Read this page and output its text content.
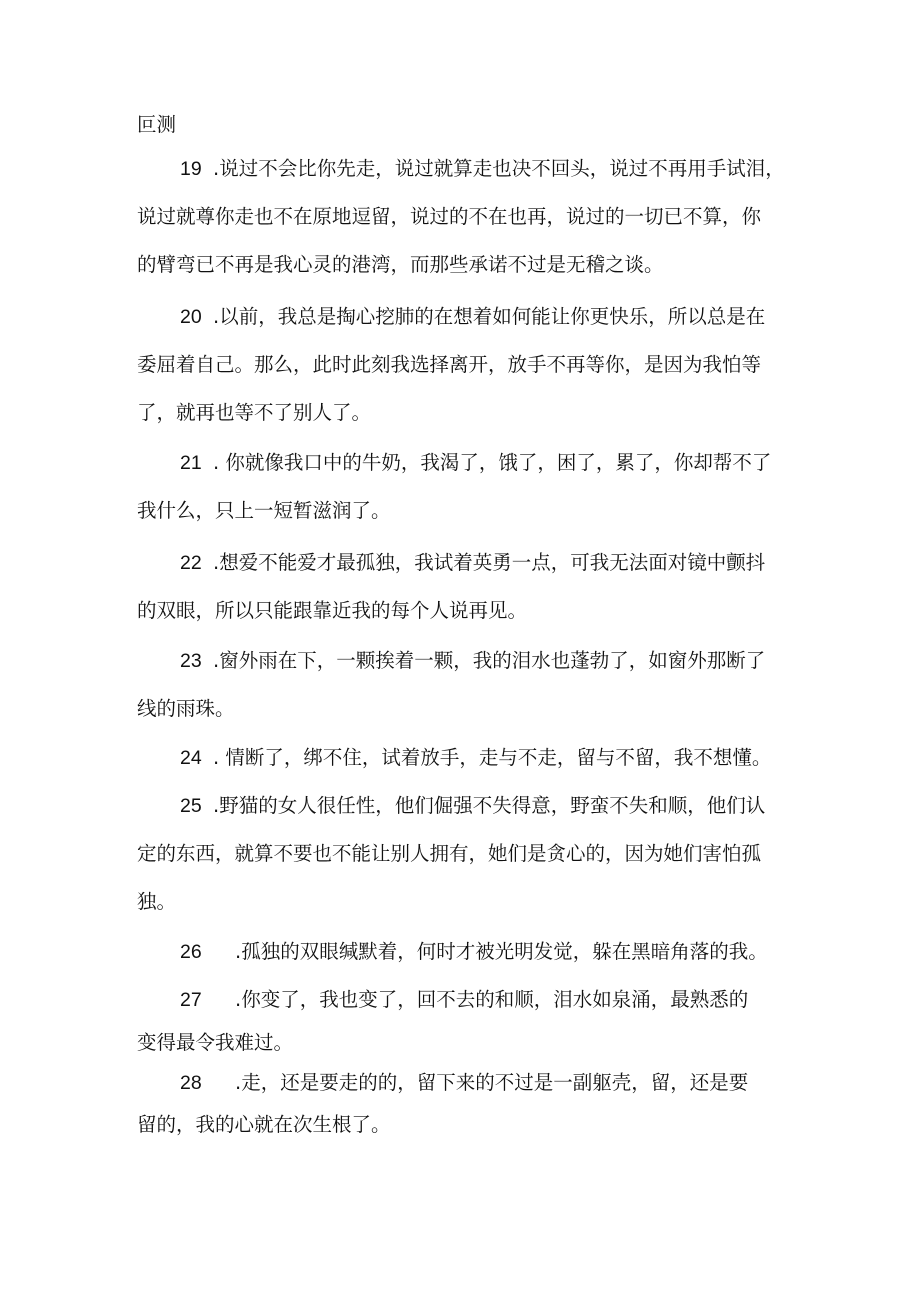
叵测
19 .说过不会比你先走，说过就算走也决不回头，说过不再用手试泪，
说过就尊你走也不在原地逗留，说过的不在也再，说过的一切已不算，你
的臂弯已不再是我心灵的港湾，而那些承诺不过是无稽之谈。
20 .以前，我总是掏心挖肺的在想着如何能让你更快乐，所以总是在
委屈着自己。那么，此时此刻我选择离开，放手不再等你，是因为我怕等
了，就再也等不了别人了。
21 . 你就像我口中的牛奶，我渴了，饿了，困了，累了，你却帮不了
我什么，只上一短暂滋润了。
22 .想爱不能爱才最孤独，我试着英勇一点，可我无法面对镜中颤抖
的双眼，所以只能跟靠近我的每个人说再见。
23 .窗外雨在下，一颗挨着一颗，我的泪水也蓬勃了，如窗外那断了
线的雨珠。
24 . 情断了，绑不住，试着放手，走与不走，留与不留，我不想懂。
25 .野猫的女人很任性，他们倔强不失得意，野蛮不失和顺，他们认
定的东西，就算不要也不能让别人拥有，她们是贪心的，因为她们害怕孤
独。
26 .孤独的双眼缄默着，何时才被光明发觉，躲在黑暗角落的我。
27 .你变了，我也变了，回不去的和顺，泪水如泉涌，最熟悉的
变得最令我难过。
28 .走，还是要走的的，留下来的不过是一副躯壳，留，还是要
留的，我的心就在次生根了。
